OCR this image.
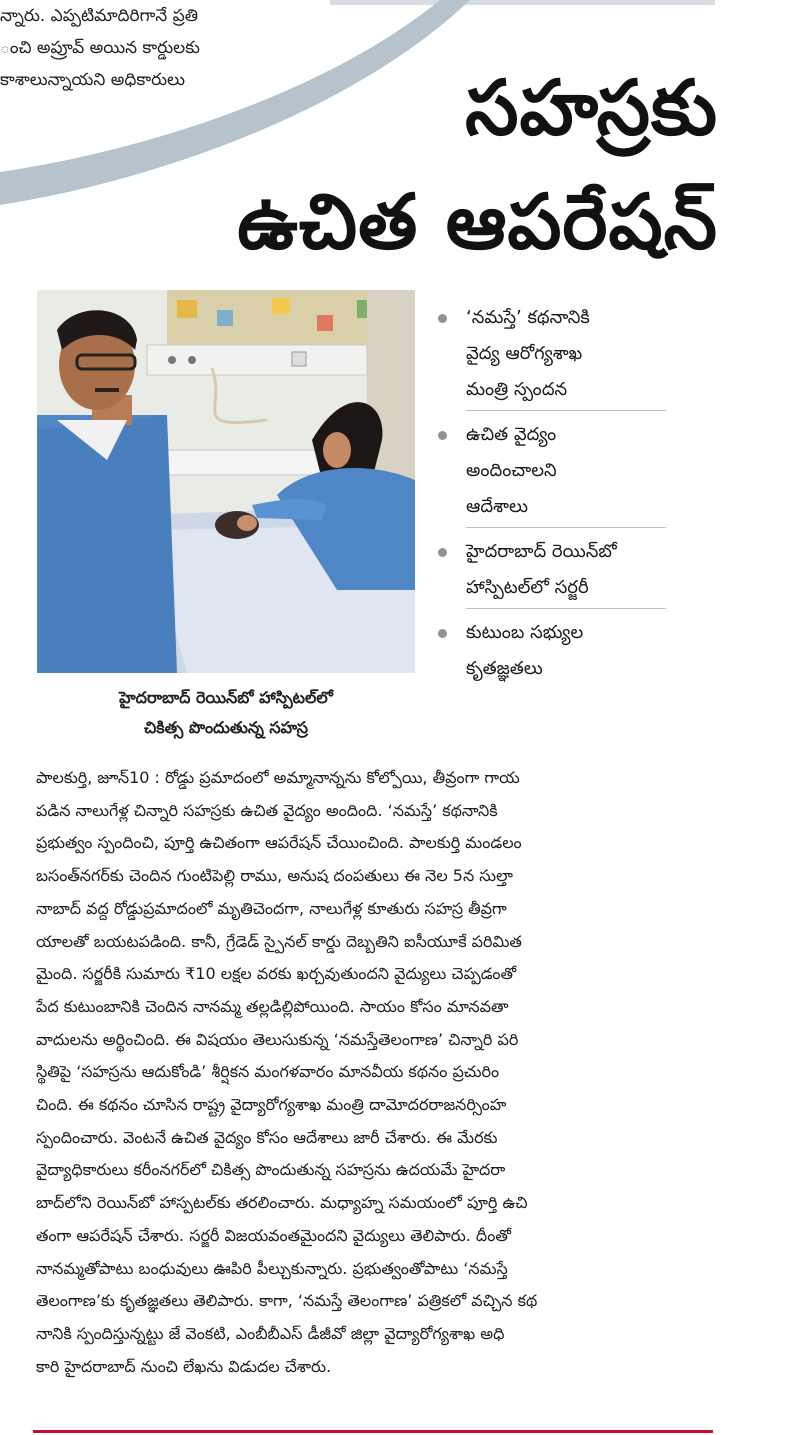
న్నారు. ఎప్పటిమాదిరిగానే ప్రతి
ంచి అప్రూవ్ అయిన కార్డులకు
కాశాలున్నాయని అధికారులు	సహస్రకు
ఉచిత ఆపరేషన్
హైదరాబాద్ రెయిన్‌బో హాస్పిటల్‌లో
చికిత్స పొందుతున్న సహస్ర
‘నమస్తే’ కథనానికి
వైద్య ఆరోగ్యశాఖ
మంత్రి స్పందన
ఉచిత వైద్యం
అందించాలని
ఆదేశాలు
హైదరాబాద్ రెయిన్‌బో
హాస్పిటల్‌లో సర్జరీ
కుటుంబ సభ్యుల
కృతజ్ఞతలు
పాలకుర్తి, జూన్10 : రోడ్డు ప్రమాదంలో అమ్మానాన్నను కోల్పోయి, తీవ్రంగా గాయ
పడిన నాలుగేళ్ల చిన్నారి సహస్రకు ఉచిత వైద్యం అందింది. ‘నమస్తే’ కథనానికి
ప్రభుత్వం స్పందించి, పూర్తి ఉచితంగా ఆపరేషన్ చేయించింది. పాలకుర్తి మండలం
బసంత్‌నగర్‌కు చెందిన గుంటిపెల్లి రాము, అనుష దంపతులు ఈ నెల 5న సుల్తా
నాబాద్ వద్ద రోడ్డుప్రమాదంలో మృతిచెందగా, నాలుగేళ్ల కూతురు సహస్ర తీవ్రగా
యాలతో బయటపడింది. కానీ, గ్రేడెడ్ స్పైనల్ కార్డు దెబ్బతిని ఐసీయూకే పరిమిత
మైంది. సర్జరీకి సుమారు ₹10 లక్షల వరకు ఖర్చవుతుందని వైద్యులు చెప్పడంతో
పేద కుటుంబానికి చెందిన నానమ్మ తల్లడిల్లిపోయింది. సాయం కోసం మానవతా
వాదులను అర్థించింది. ఈ విషయం తెలుసుకున్న ‘నమస్తేతెలంగాణ’ చిన్నారి పరి
స్థితిపై ‘సహస్రను ఆదుకోండి’ శీర్షికన మంగళవారం మానవీయ కథనం ప్రచురిం
చింది. ఈ కథనం చూసిన రాష్ట్ర వైద్యారోగ్యశాఖ మంత్రి దామోదరరాజనర్సింహ
స్పందించారు. వెంటనే ఉచిత వైద్యం కోసం ఆదేశాలు జారీ చేశారు. ఈ మేరకు
వైద్యాధికారులు కరీంనగర్‌లో చికిత్స పొందుతున్న సహస్రను ఉదయమే హైదరా
బాద్‌లోని రెయిన్‌బో హాస్పటల్‌కు తరలించారు. మధ్యాహ్న సమయంలో పూర్తి ఉచి
తంగా ఆపరేషన్ చేశారు. సర్జరీ విజయవంతమైందని వైద్యులు తెలిపారు. దీంతో
నానమ్మతోపాటు బంధువులు ఊపిరి పీల్చుకున్నారు. ప్రభుత్వంతోపాటు ‘నమస్తే
తెలంగాణ’కు కృతజ్ఞతలు తెలిపారు. కాగా, ‘నమస్తే తెలంగాణ’ పత్రికలో వచ్చిన కథ
నానికి స్పందిస్తున్నట్టు జే వెంకటి, ఎంబీబీఎస్ డీజీవో జిల్లా వైద్యారోగ్యశాఖ అధి
కారి హైదరాబాద్ నుంచి లేఖను విడుదల చేశారు.
